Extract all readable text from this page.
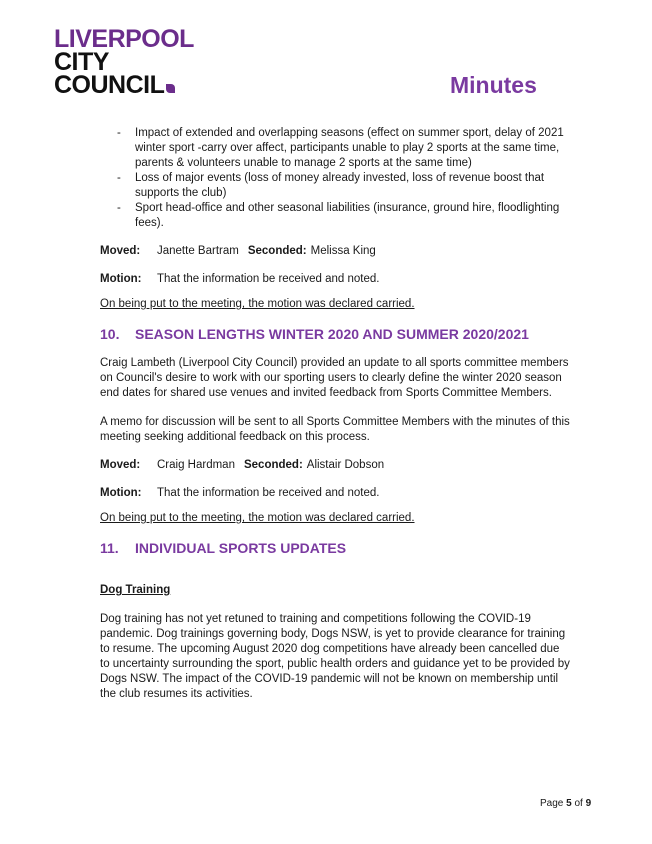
LIVERPOOL
CITY
COUNCIL	Minutes
- Impact of extended and overlapping seasons (effect on summer sport, delay of 2021 winter sport -carry over affect, participants unable to play 2 sports at the same time, parents & volunteers unable to manage 2 sports at the same time)
- Loss of major events (loss of money already invested, loss of revenue boost that supports the club)
- Sport head-office and other seasonal liabilities (insurance, ground hire, floodlighting fees).
Moved:	Janette Bartram Seconded: Melissa King
Motion:	That the information be received and noted.
On being put to the meeting, the motion was declared carried.
10.	SEASON LENGTHS WINTER 2020 AND SUMMER 2020/2021

Craig Lambeth (Liverpool City Council) provided an update to all sports committee members on Council's desire to work with our sporting users to clearly define the winter 2020 season end dates for shared use venues and invited feedback from Sports Committee Members.

A memo for discussion will be sent to all Sports Committee Members with the minutes of this meeting seeking additional feedback on this process.

Moved:	Craig Hardman Seconded: Alistair Dobson
Motion:	That the information be received and noted.
On being put to the meeting, the motion was declared carried.
11.	INDIVIDUAL SPORTS UPDATES
Dog Training

Dog training has not yet retuned to training and competitions following the COVID-19 pandemic. Dog trainings governing body, Dogs NSW, is yet to provide clearance for training to resume. The upcoming August 2020 dog competitions have already been cancelled due to uncertainty surrounding the sport, public health orders and guidance yet to be provided by Dogs NSW. The impact of the COVID-19 pandemic will not be known on membership until the club resumes its activities.

Page 5 of 9
